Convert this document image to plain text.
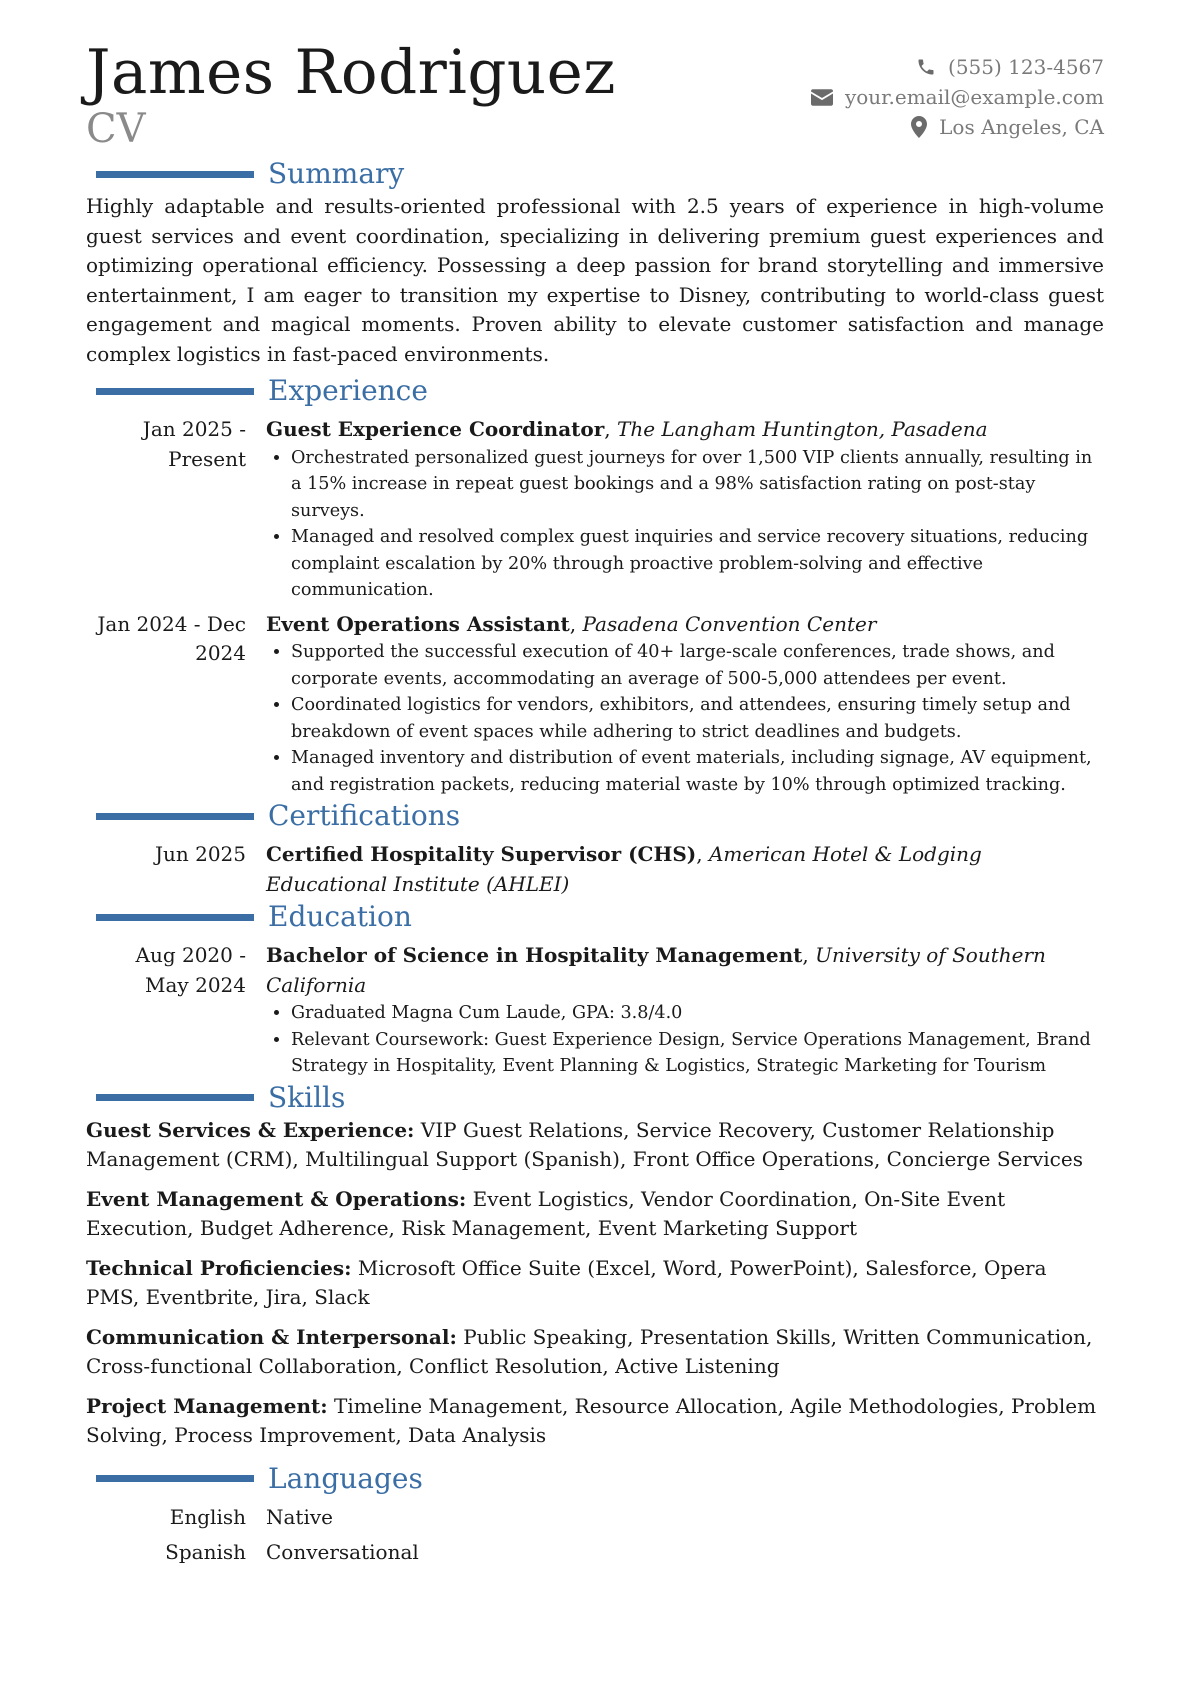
James Rodriguez
CV
(555) 123-4567
your.email@example.com
Los Angeles, CA
Summary

Highly adaptable and results-oriented professional with 2.5 years of experience in high-volume guest services and event coordination, specializing in delivering premium guest experiences and optimizing operational efficiency. Possessing a deep passion for brand storytelling and immersive entertainment, I am eager to transition my expertise to Disney, contributing to world-class guest engagement and magical moments. Proven ability to elevate customer satisfaction and manage complex logistics in fast-paced environments.

Experience
Jan 2025 - Present
Guest Experience Coordinator, The Langham Huntington, Pasadena
• Orchestrated personalized guest journeys for over 1,500 VIP clients annually, resulting in a 15% increase in repeat guest bookings and a 98% satisfaction rating on post-stay surveys.
• Managed and resolved complex guest inquiries and service recovery situations, reducing complaint escalation by 20% through proactive problem-solving and effective communication.
Jan 2024 - Dec 2024
Event Operations Assistant, Pasadena Convention Center
• Supported the successful execution of 40+ large-scale conferences, trade shows, and corporate events, accommodating an average of 500-5,000 attendees per event.
• Coordinated logistics for vendors, exhibitors, and attendees, ensuring timely setup and breakdown of event spaces while adhering to strict deadlines and budgets.
• Managed inventory and distribution of event materials, including signage, AV equipment, and registration packets, reducing material waste by 10% through optimized tracking.
Certifications
Jun 2025	Certified Hospitality Supervisor (CHS), American Hotel & Lodging Educational Institute (AHLEI)
Education
Aug 2020 - May 2024
Bachelor of Science in Hospitality Management, University of Southern California
• Graduated Magna Cum Laude, GPA: 3.8/4.0
• Relevant Coursework: Guest Experience Design, Service Operations Management, Brand Strategy in Hospitality, Event Planning & Logistics, Strategic Marketing for Tourism
Skills
Guest Services & Experience: VIP Guest Relations, Service Recovery, Customer Relationship Management (CRM), Multilingual Support (Spanish), Front Office Operations, Concierge Services
Event Management & Operations: Event Logistics, Vendor Coordination, On-Site Event Execution, Budget Adherence, Risk Management, Event Marketing Support
Technical Proficiencies: Microsoft Office Suite (Excel, Word, PowerPoint), Salesforce, Opera PMS, Eventbrite, Jira, Slack
Communication & Interpersonal: Public Speaking, Presentation Skills, Written Communication, Cross-functional Collaboration, Conflict Resolution, Active Listening
Project Management: Timeline Management, Resource Allocation, Agile Methodologies, Problem Solving, Process Improvement, Data Analysis
Languages
English	Native
Spanish	Conversational
